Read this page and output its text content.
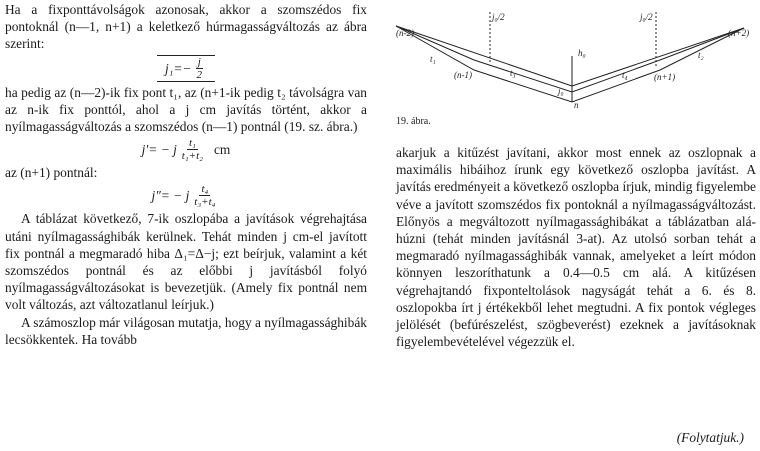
Ha a fixponttávolságok azonosak, akkor a szomszédos fix pontoknál (n—1, n+1) a keletkező húrmagasságváltozás az ábra szerint:

$j_1=- \frac{j}{2}$

ha pedig az (n—2)-ik fix pont t₁, az (n+1-ik pedig t₂ távolságra van az n-ik fix ponttól, ahol a j cm javítás történt, akkor a nyílmagasságváltozás a szomszédos (n—1) pontnál (19. sz. ábra.)

j′= − j $\frac{\text{t₁}}{\text{t₁+t₂}}$ cm

az (n+1) pontnál:

j″= − j $\frac{\text{t₄}}{\text{t₃+t₄}}$

A táblázat következő, 7-ik oszlopába a javítások végrehajtása utáni nyílmagassághibák kerülnek. Tehát minden j cm-el javított fix pontnál a megmaradó hiba Δ₁=Δ−j; ezt beírjuk, valamint a két szomszédos pontnál és az előbbi j javításból folyó nyílmagasságváltozásokat is bevezetjük. (Amely fix pontnál nem volt változás, azt változatlanul leírjuk.)

A számoszlop már világosan mutatja, hogy a nyílmagassághibák lecsökkentek. Ha tovább

(n-2)
(n-1)	(n+1)
(n+2)
t₁	t₂
t₃	t₄
h₀
j₀
n
j₀/2	j₀/2
19. ábra.

akarjuk a kitűzést javítani, akkor most ennek az oszlopnak a maximális hibáihoz írunk egy következő oszlopba javítást. A javítás eredményeit a következő oszlopba írjuk, mindig figyelembe véve a javított szomszédos fix pontoknál a nyílmagasságváltozást. Előnyös a megváltozott nyílmagassághibákat a táblázatban aláhúzni (tehát minden javításnál 3-at). Az utolsó sorban tehát a megmaradó nyílmagassághibák vannak, amelyeket a leírt módon könnyen leszoríthatunk a 0.4—0.5 cm alá. A kitűzésen végrehajtandó fixponteltolások nagyságát tehát a 6. és 8. oszlopokba írt j értékekből lehet megtudni. A fix pontok végleges jelölését (befúrészelést, szögbeverést) ezeknek a javításoknak figyelembevételével végezzük el.

(Folytatjuk.)
